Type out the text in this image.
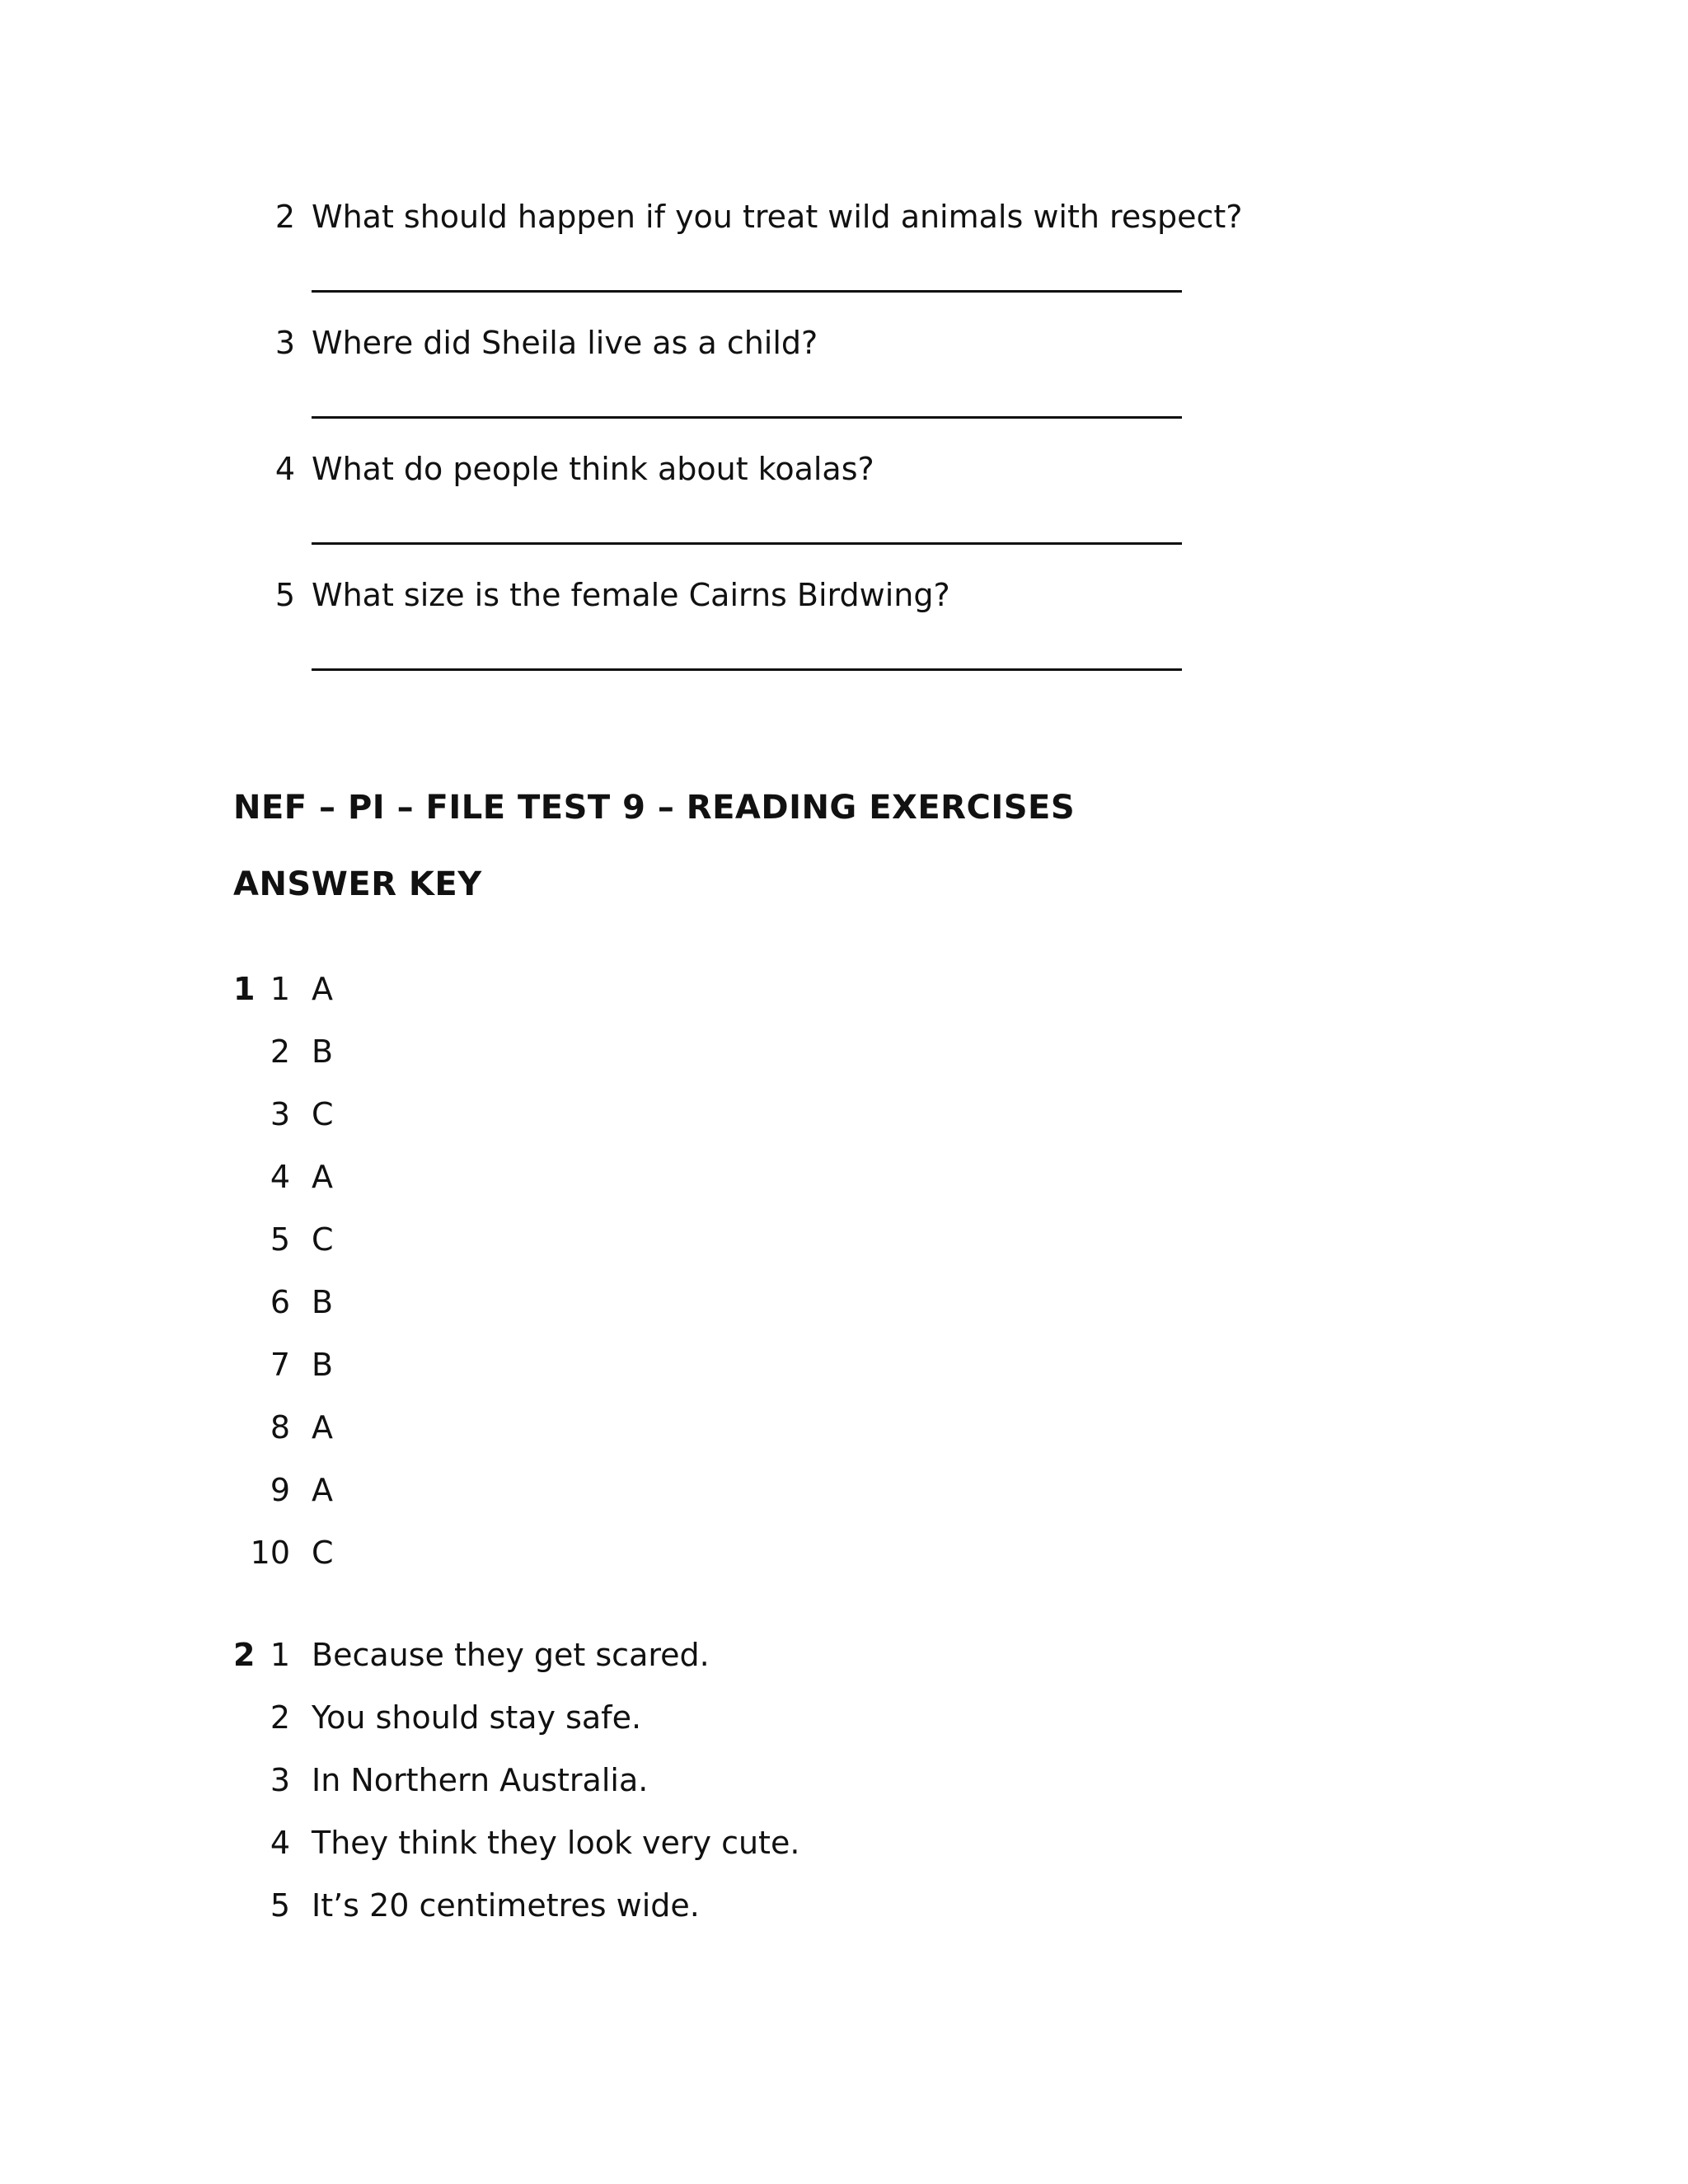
2 What should happen if you treat wild animals with respect?
3 Where did Sheila live as a child?
4 What do people think about koalas?
5 What size is the female Cairns Birdwing?
NEF – PI – FILE TEST 9 – READING EXERCISES
ANSWER KEY
1 1 A
2 B
3 C
4 A
5 C
6 B
7 B
8 A
9 A
10 C
2 1 Because they get scared.
2 You should stay safe.
3 In Northern Australia.
4 They think they look very cute.
5 It’s 20 centimetres wide.
